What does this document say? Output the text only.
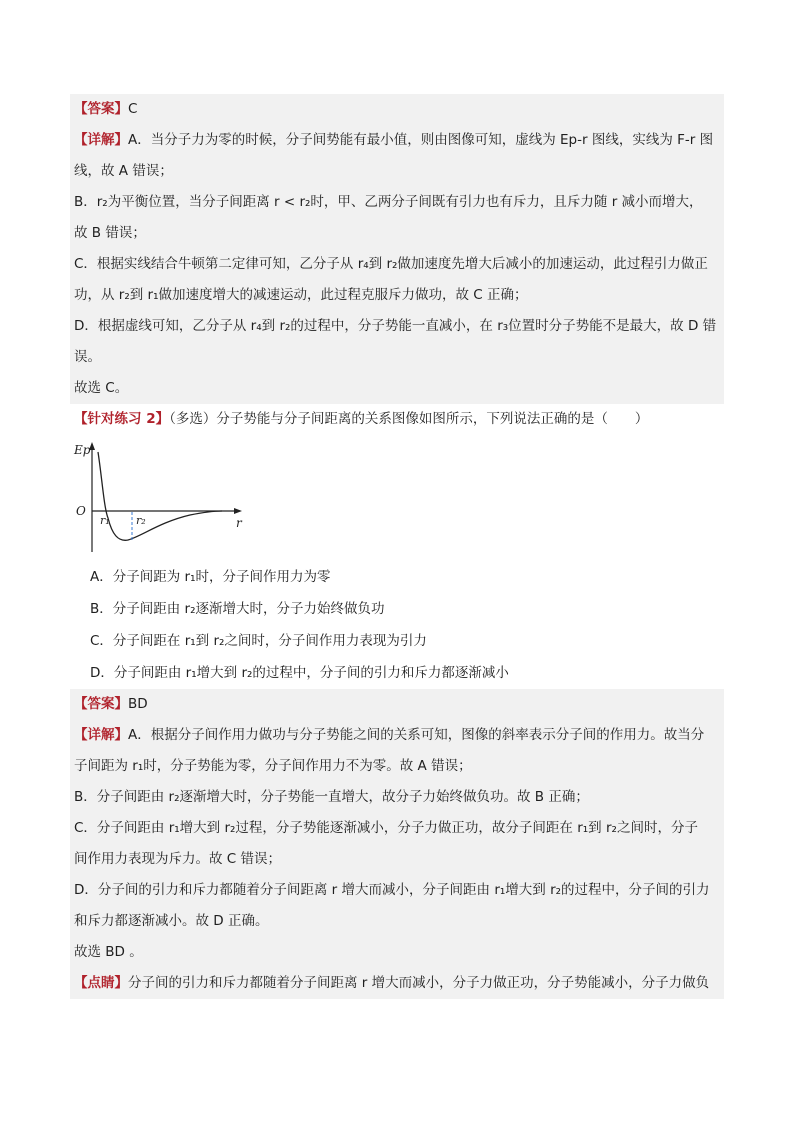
【答案】C
【详解】A．当分子力为零的时候，分子间势能有最小值，则由图像可知，虚线为 Ep-r 图线，实线为 F-r 图
线，故 A 错误；
B．r₂为平衡位置，当分子间距离 r < r₂时，甲、乙两分子间既有引力也有斥力，且斥力随 r 减小而增大，
故 B 错误；
C．根据实线结合牛顿第二定律可知，乙分子从 r₄到 r₂做加速度先增大后减小的加速运动，此过程引力做正
功，从 r₂到 r₁做加速度增大的减速运动，此过程克服斥力做功，故 C 正确；
D．根据虚线可知，乙分子从 r₄到 r₂的过程中，分子势能一直减小，在 r₃位置时分子势能不是最大，故 D 错
误。
故选 C。
【针对练习 2】（多选）分子势能与分子间距离的关系图像如图所示，下列说法正确的是（　　）
Ep
O
r
r₁ r₂
A．分子间距为 r₁时，分子间作用力为零
B．分子间距由 r₂逐渐增大时，分子力始终做负功
C．分子间距在 r₁到 r₂之间时，分子间作用力表现为引力
D．分子间距由 r₁增大到 r₂的过程中，分子间的引力和斥力都逐渐减小
【答案】BD
【详解】A．根据分子间作用力做功与分子势能之间的关系可知，图像的斜率表示分子间的作用力。故当分
子间距为 r₁时，分子势能为零，分子间作用力不为零。故 A 错误；
B．分子间距由 r₂逐渐增大时，分子势能一直增大，故分子力始终做负功。故 B 正确；
C．分子间距由 r₁增大到 r₂过程，分子势能逐渐减小，分子力做正功，故分子间距在 r₁到 r₂之间时，分子
间作用力表现为斥力。故 C 错误；
D．分子间的引力和斥力都随着分子间距离 r 增大而减小，分子间距由 r₁增大到 r₂的过程中，分子间的引力
和斥力都逐渐减小。故 D 正确。
故选 BD 。
【点睛】分子间的引力和斥力都随着分子间距离 r 增大而减小，分子力做正功，分子势能减小，分子力做负
